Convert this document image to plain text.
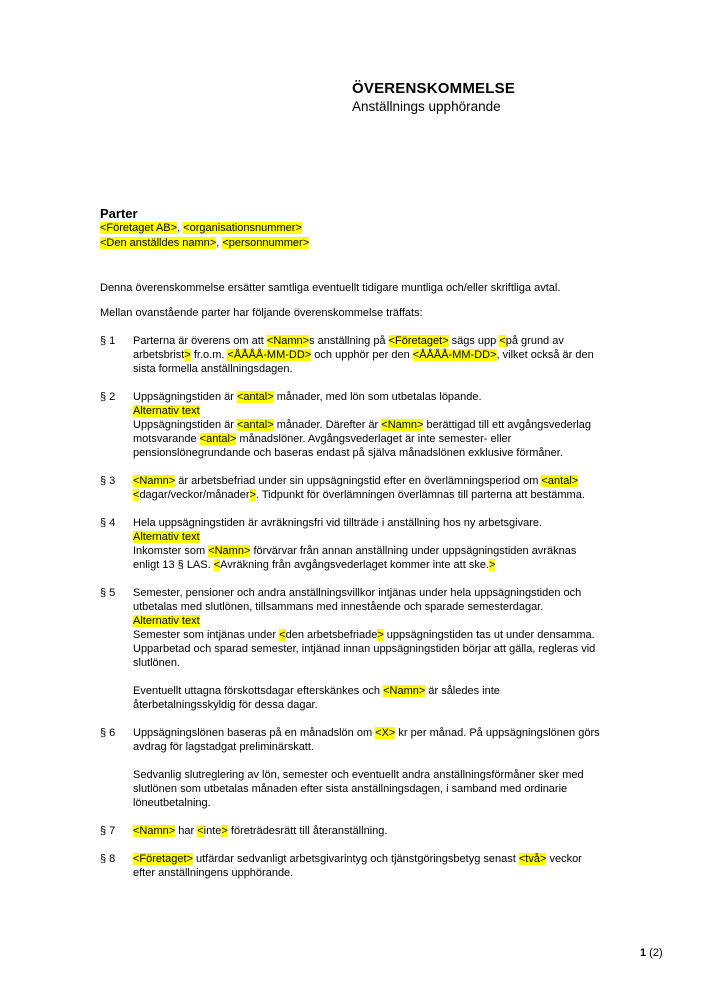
ÖVERENSKOMMELSE
Anställnings upphörande
Parter
<Företaget AB>, <organisationsnummer>
<Den anställdes namn>, <personnummer>
Denna överenskommelse ersätter samtliga eventuellt tidigare muntliga och/eller skriftliga avtal.
Mellan ovanstående parter har följande överenskommelse träffats:
§ 1	Parterna är överens om att <Namn>s anställning på <Företaget> sägs upp <på grund av arbetsbrist> fr.o.m. <ÅÅÅÅ-MM-DD> och upphör per den <ÅÅÅÅ-MM-DD>, vilket också är den sista formella anställningsdagen.
§ 2	Uppsägningstiden är <antal> månader, med lön som utbetalas löpande.
Alternativ text
Uppsägningstiden är <antal> månader. Därefter är <Namn> berättigad till ett avgångsvederlag motsvarande <antal> månadslöner. Avgångsvederlaget är inte semester- eller pensionslönegrundande och baseras endast på själva månadslönen exklusive förmåner.
§ 3	<Namn> är arbetsbefriad under sin uppsägningstid efter en överlämningsperiod om <antal> <dagar/veckor/månader>. Tidpunkt för överlämningen överlämnas till parterna att bestämma.
§ 4	Hela uppsägningstiden är avräkningsfri vid tillträde i anställning hos ny arbetsgivare.
Alternativ text
Inkomster som <Namn> förvärvar från annan anställning under uppsägningstiden avräknas enligt 13 § LAS. <Avräkning från avgångsvederlaget kommer inte att ske.>
§ 5	Semester, pensioner och andra anställningsvillkor intjänas under hela uppsägningstiden och utbetalas med slutlönen, tillsammans med innestående och sparade semesterdagar.
Alternativ text
Semester som intjänas under <den arbetsbefriade> uppsägningstiden tas ut under densamma. Upparbetad och sparad semester, intjänad innan uppsägningstiden börjar att gälla, regleras vid slutlönen.
Eventuellt uttagna förskottsdagar efterskänkes och <Namn> är således inte återbetalningsskyldig för dessa dagar.
§ 6	Uppsägningslönen baseras på en månadslön om <X> kr per månad. På uppsägningslönen görs avdrag för lagstadgat preliminärskatt.
Sedvanlig slutreglering av lön, semester och eventuellt andra anställningsförmåner sker med slutlönen som utbetalas månaden efter sista anställningsdagen, i samband med ordinarie löneutbetalning.
§ 7	<Namn> har <inte> företrädesrätt till återanställning.
§ 8	<Företaget> utfärdar sedvanligt arbetsgivarintyg och tjänstgöringsbetyg senast <två> veckor efter anställningens upphörande.
1 (2)
